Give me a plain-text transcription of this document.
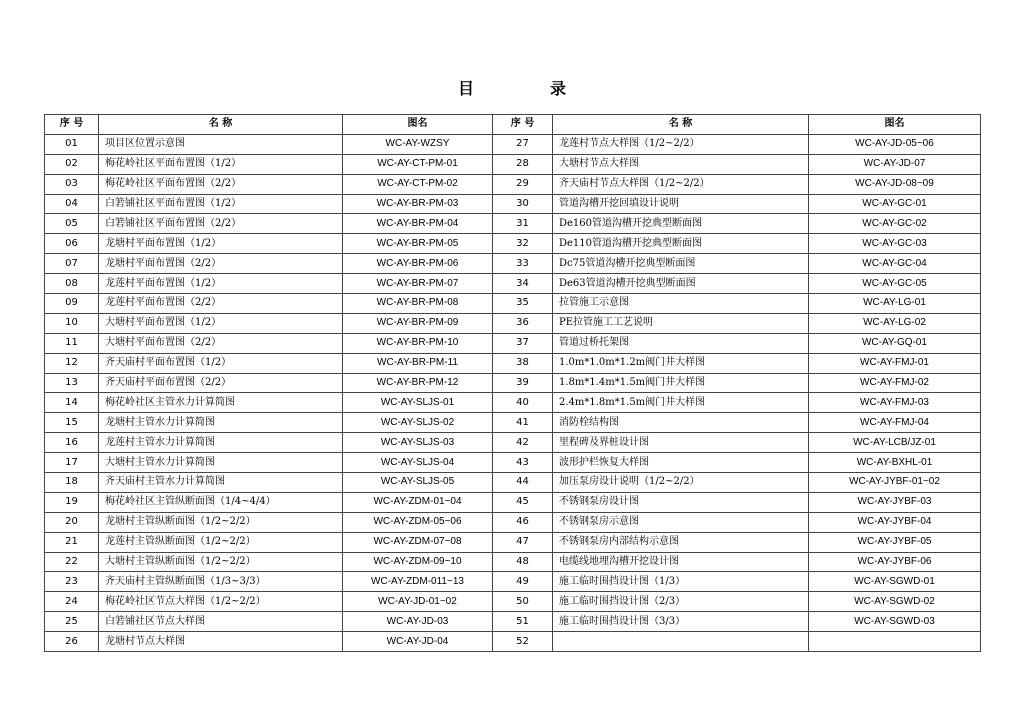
目	录
序 号	名 称	图名	序 号	名 称	图名
01	项目区位置示意图	WC-AY-WZSY	27	龙莲村节点大样图（1/2~2/2）	WC-AY-JD-05~06
02	梅花岭社区平面布置图（1/2）	WC-AY-CT-PM-01	28	大塘村节点大样图	WC-AY-JD-07
03	梅花岭社区平面布置图（2/2）	WC-AY-CT-PM-02	29	齐天庙村节点大样图（1/2~2/2）	WC-AY-JD-08~09
04	白箬铺社区平面布置图（1/2）	WC-AY-BR-PM-03	30	管道沟槽开挖回填设计说明	WC-AY-GC-01
05	白箬铺社区平面布置图（2/2）	WC-AY-BR-PM-04	31	De160管道沟槽开挖典型断面图	WC-AY-GC-02
06	龙塘村平面布置图（1/2）	WC-AY-BR-PM-05	32	De110管道沟槽开挖典型断面图	WC-AY-GC-03
07	龙塘村平面布置图（2/2）	WC-AY-BR-PM-06	33	Dc75管道沟槽开挖典型断面图	WC-AY-GC-04
08	龙莲村平面布置图（1/2）	WC-AY-BR-PM-07	34	De63管道沟槽开挖典型断面图	WC-AY-GC-05
09	龙莲村平面布置图（2/2）	WC-AY-BR-PM-08	35	拉管施工示意图	WC-AY-LG-01
10	大塘村平面布置图（1/2）	WC-AY-BR-PM-09	36	PE拉管施工工艺说明	WC-AY-LG-02
11	大塘村平面布置图（2/2）	WC-AY-BR-PM-10	37	管道过桥托架图	WC-AY-GQ-01
12	齐天庙村平面布置图（1/2）	WC-AY-BR-PM-11	38	1.0m*1.0m*1.2m阀门井大样图	WC-AY-FMJ-01
13	齐天庙村平面布置图（2/2）	WC-AY-BR-PM-12	39	1.8m*1.4m*1.5m阀门井大样图	WC-AY-FMJ-02
14	梅花岭社区主管水力计算简图	WC-AY-SLJS-01	40	2.4m*1.8m*1.5m阀门井大样图	WC-AY-FMJ-03
15	龙塘村主管水力计算简图	WC-AY-SLJS-02	41	消防栓结构图	WC-AY-FMJ-04
16	龙莲村主管水力计算简图	WC-AY-SLJS-03	42	里程碑及界桩设计图	WC-AY-LCB/JZ-01
17	大塘村主管水力计算简图	WC-AY-SLJS-04	43	波形护栏恢复大样图	WC-AY-BXHL-01
18	齐天庙村主管水力计算简图	WC-AY-SLJS-05	44	加压泵房设计说明（1/2~2/2）	WC-AY-JYBF-01~02
19	梅花岭社区主管纵断面图（1/4~4/4）	WC-AY-ZDM-01~04	45	不锈钢泵房设计图	WC-AY-JYBF-03
20	龙塘村主管纵断面图（1/2~2/2）	WC-AY-ZDM-05~06	46	不锈钢泵房示意图	WC-AY-JYBF-04
21	龙莲村主管纵断面图（1/2~2/2）	WC-AY-ZDM-07~08	47	不锈钢泵房内部结构示意图	WC-AY-JYBF-05
22	大塘村主管纵断面图（1/2~2/2）	WC-AY-ZDM-09~10	48	电缆线地埋沟槽开挖设计图	WC-AY-JYBF-06
23	齐天庙村主管纵断面图（1/3~3/3）	WC-AY-ZDM-011~13	49	施工临时围挡设计图（1/3）	WC-AY-SGWD-01
24	梅花岭社区节点大样图（1/2~2/2）	WC-AY-JD-01~02	50	施工临时围挡设计图（2/3）	WC-AY-SGWD-02
25	白箬铺社区节点大样图	WC-AY-JD-03	51	施工临时围挡设计图（3/3）	WC-AY-SGWD-03
26	龙塘村节点大样图	WC-AY-JD-04	52		
